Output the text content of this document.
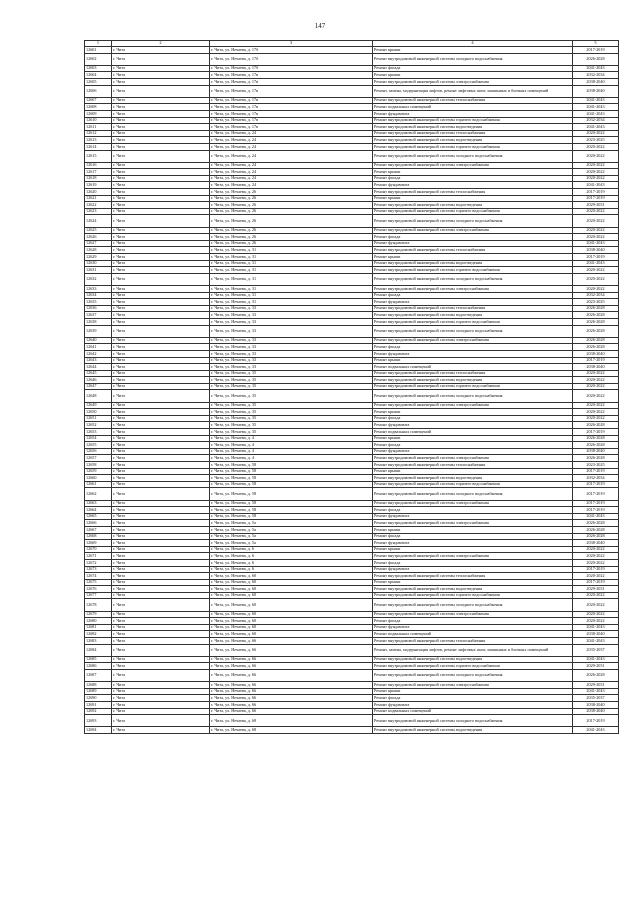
147
1	2	3	4	5
12601	г. Чита	г. Чита, ул. Нечаева, д. 17б	Ремонт крыши	2017-2019
12602	г. Чита	г. Чита, ул. Нечаева, д. 17б	Ремонт внутридомовой инженерной системы холодного водоснабжения	2026-2028
12603	г. Чита	г. Чита, ул. Нечаева, д. 17б	Ремонт фасада	2041-2043
12604	г. Чита	г. Чита, ул. Нечаева, д. 17в	Ремонт крыши	2032-2034
12605	г. Чита	г. Чита, ул. Нечаева, д. 17в	Ремонт внутридомовой инженерной системы электроснабжения	2038-2040
12606	г. Чита	г. Чита, ул. Нечаева, д. 17в	Ремонт, замена, модернизация лифтов, ремонт лифтовых шахт, машинных и блочных помещений	2038-2040
12607	г. Чита	г. Чита, ул. Нечаева, д. 17в	Ремонт внутридомовой инженерной системы теплоснабжения	2041-2043
12608	г. Чита	г. Чита, ул. Нечаева, д. 17в	Ремонт подвальных помещений	2041-2043
12609	г. Чита	г. Чита, ул. Нечаева, д. 17в	Ремонт фундамента	2041-2043
12610	г. Чита	г. Чита, ул. Нечаева, д. 17в	Ремонт внутридомовой инженерной системы горячего водоснабжения	2032-2034
12611	г. Чита	г. Чита, ул. Нечаева, д. 17в	Ремонт внутридомовой инженерной системы водоотведения	2041-2043
12612	г. Чита	г. Чита, ул. Нечаева, д. 24	Ремонт внутридомовой инженерной системы теплоснабжения	2020-2022
12613	г. Чита	г. Чита, ул. Нечаева, д. 24	Ремонт внутридомовой инженерной системы водоотведения	2023-2025
12614	г. Чита	г. Чита, ул. Нечаева, д. 24	Ремонт внутридомовой инженерной системы горячего водоснабжения	2020-2022
12615	г. Чита	г. Чита, ул. Нечаева, д. 24	Ремонт внутридомовой инженерной системы холодного водоснабжения	2020-2022
12616	г. Чита	г. Чита, ул. Нечаева, д. 24	Ремонт внутридомовой инженерной системы электроснабжения	2020-2022
12617	г. Чита	г. Чита, ул. Нечаева, д. 24	Ремонт крыши	2020-2022
12618	г. Чита	г. Чита, ул. Нечаева, д. 24	Ремонт фасада	2020-2022
12619	г. Чита	г. Чита, ул. Нечаева, д. 24	Ремонт фундамента	2041-2043
12620	г. Чита	г. Чита, ул. Нечаева, д. 26	Ремонт внутридомовой инженерной системы теплоснабжения	2017-2019
12621	г. Чита	г. Чита, ул. Нечаева, д. 26	Ремонт крыши	2017-2019
12622	г. Чита	г. Чита, ул. Нечаева, д. 26	Ремонт внутридомовой инженерной системы водоотведения	2029-2031
12623	г. Чита	г. Чита, ул. Нечаева, д. 26	Ремонт внутридомовой инженерной системы горячего водоснабжения	2020-2022
12624	г. Чита	г. Чита, ул. Нечаева, д. 26	Ремонт внутридомовой инженерной системы холодного водоснабжения	2020-2022
12625	г. Чита	г. Чита, ул. Нечаева, д. 26	Ремонт внутридомовой инженерной системы электроснабжения	2020-2022
12626	г. Чита	г. Чита, ул. Нечаева, д. 26	Ремонт фасада	2020-2022
12627	г. Чита	г. Чита, ул. Нечаева, д. 26	Ремонт фундамента	2041-2043
12628	г. Чита	г. Чита, ул. Нечаева, д. 31	Ремонт внутридомовой инженерной системы теплоснабжения	2038-2040
12629	г. Чита	г. Чита, ул. Нечаева, д. 31	Ремонт крыши	2017-2019
12630	г. Чита	г. Чита, ул. Нечаева, д. 31	Ремонт внутридомовой инженерной системы водоотведения	2041-2043
12631	г. Чита	г. Чита, ул. Нечаева, д. 31	Ремонт внутридомовой инженерной системы горячего водоснабжения	2020-2022
12632	г. Чита	г. Чита, ул. Нечаева, д. 31	Ремонт внутридомовой инженерной системы холодного водоснабжения	2020-2022
12633	г. Чита	г. Чита, ул. Нечаева, д. 31	Ремонт внутридомовой инженерной системы электроснабжения	2020-2022
12634	г. Чита	г. Чита, ул. Нечаева, д. 31	Ремонт фасада	2032-2034
12635	г. Чита	г. Чита, ул. Нечаева, д. 31	Ремонт фундамента	2023-2025
12636	г. Чита	г. Чита, ул. Нечаева, д. 33	Ремонт внутридомовой инженерной системы теплоснабжения	2026-2028
12637	г. Чита	г. Чита, ул. Нечаева, д. 33	Ремонт внутридомовой инженерной системы водоотведения	2026-2028
12638	г. Чита	г. Чита, ул. Нечаева, д. 33	Ремонт внутридомовой инженерной системы горячего водоснабжения	2026-2028
12639	г. Чита	г. Чита, ул. Нечаева, д. 33	Ремонт внутридомовой инженерной системы холодного водоснабжения	2026-2028
12640	г. Чита	г. Чита, ул. Нечаева, д. 33	Ремонт внутридомовой инженерной системы электроснабжения	2026-2028
12641	г. Чита	г. Чита, ул. Нечаева, д. 33	Ремонт фасада	2026-2028
12642	г. Чита	г. Чита, ул. Нечаева, д. 33	Ремонт фундамента	2038-2040
12643	г. Чита	г. Чита, ул. Нечаева, д. 33	Ремонт крыши	2017-2019
12644	г. Чита	г. Чита, ул. Нечаева, д. 33	Ремонт подвальных помещений	2038-2040
12645	г. Чита	г. Чита, ул. Нечаева, д. 35	Ремонт внутридомовой инженерной системы теплоснабжения	2020-2022
12646	г. Чита	г. Чита, ул. Нечаева, д. 35	Ремонт внутридомовой инженерной системы водоотведения	2020-2022
12647	г. Чита	г. Чита, ул. Нечаева, д. 35	Ремонт внутридомовой инженерной системы горячего водоснабжения	2020-2022
12648	г. Чита	г. Чита, ул. Нечаева, д. 35	Ремонт внутридомовой инженерной системы холодного водоснабжения	2020-2022
12649	г. Чита	г. Чита, ул. Нечаева, д. 35	Ремонт внутридомовой инженерной системы электроснабжения	2020-2022
12650	г. Чита	г. Чита, ул. Нечаева, д. 35	Ремонт крыши	2020-2022
12651	г. Чита	г. Чита, ул. Нечаева, д. 35	Ремонт фасада	2020-2022
12652	г. Чита	г. Чита, ул. Нечаева, д. 35	Ремонт фундамента	2026-2028
12653	г. Чита	г. Чита, ул. Нечаева, д. 35	Ремонт подвальных помещений	2017-2019
12654	г. Чита	г. Чита, ул. Нечаева, д. 4	Ремонт крыши	2026-2028
12655	г. Чита	г. Чита, ул. Нечаева, д. 4	Ремонт фасада	2026-2028
12656	г. Чита	г. Чита, ул. Нечаева, д. 4	Ремонт фундамента	2038-2040
12657	г. Чита	г. Чита, ул. Нечаева, д. 4	Ремонт внутридомовой инженерной системы электроснабжения	2026-2028
12658	г. Чита	г. Чита, ул. Нечаева, д. 58	Ремонт внутридомовой инженерной системы теплоснабжения	2023-2025
12659	г. Чита	г. Чита, ул. Нечаева, д. 58	Ремонт крыши	2017-2019
12660	г. Чита	г. Чита, ул. Нечаева, д. 58	Ремонт внутридомовой инженерной системы водоотведения	2032-2034
12661	г. Чита	г. Чита, ул. Нечаева, д. 58	Ремонт внутридомовой инженерной системы горячего водоснабжения	2017-2019
12662	г. Чита	г. Чита, ул. Нечаева, д. 58	Ремонт внутридомовой инженерной системы холодного водоснабжения	2017-2019
12663	г. Чита	г. Чита, ул. Нечаева, д. 58	Ремонт внутридомовой инженерной системы электроснабжения	2017-2019
12664	г. Чита	г. Чита, ул. Нечаева, д. 58	Ремонт фасада	2017-2019
12665	г. Чита	г. Чита, ул. Нечаева, д. 58	Ремонт фундамента	2041-2043
12666	г. Чита	г. Чита, ул. Нечаева, д. 5а	Ремонт внутридомовой инженерной системы электроснабжения	2026-2028
12667	г. Чита	г. Чита, ул. Нечаева, д. 5а	Ремонт крыши	2026-2028
12668	г. Чита	г. Чита, ул. Нечаева, д. 5а	Ремонт фасада	2026-2028
12669	г. Чита	г. Чита, ул. Нечаева, д. 5а	Ремонт фундамента	2038-2040
12670	г. Чита	г. Чита, ул. Нечаева, д. 6	Ремонт крыши	2020-2022
12671	г. Чита	г. Чита, ул. Нечаева, д. 6	Ремонт внутридомовой инженерной системы электроснабжения	2020-2022
12672	г. Чита	г. Чита, ул. Нечаева, д. 6	Ремонт фасада	2020-2022
12673	г. Чита	г. Чита, ул. Нечаева, д. 6	Ремонт фундамента	2017-2019
12674	г. Чита	г. Чита, ул. Нечаева, д. 60	Ремонт внутридомовой инженерной системы теплоснабжения	2020-2022
12675	г. Чита	г. Чита, ул. Нечаева, д. 60	Ремонт крыши	2017-2019
12676	г. Чита	г. Чита, ул. Нечаева, д. 60	Ремонт внутридомовой инженерной системы водоотведения	2029-2031
12677	г. Чита	г. Чита, ул. Нечаева, д. 60	Ремонт внутридомовой инженерной системы горячего водоснабжения	2020-2022
12678	г. Чита	г. Чита, ул. Нечаева, д. 60	Ремонт внутридомовой инженерной системы холодного водоснабжения	2020-2022
12679	г. Чита	г. Чита, ул. Нечаева, д. 60	Ремонт внутридомовой инженерной системы электроснабжения	2020-2022
12680	г. Чита	г. Чита, ул. Нечаева, д. 60	Ремонт фасада	2020-2022
12681	г. Чита	г. Чита, ул. Нечаева, д. 60	Ремонт фундамента	2041-2043
12682	г. Чита	г. Чита, ул. Нечаева, д. 60	Ремонт подвальных помещений	2038-2040
12683	г. Чита	г. Чита, ул. Нечаева, д. 66	Ремонт внутридомовой инженерной системы теплоснабжения	2041-2043
12684	г. Чита	г. Чита, ул. Нечаева, д. 66	Ремонт, замена, модернизация лифтов, ремонт лифтовых шахт, машинных и блочных помещений	2035-2037
12685	г. Чита	г. Чита, ул. Нечаева, д. 66	Ремонт внутридомовой инженерной системы водоотведения	2041-2043
12686	г. Чита	г. Чита, ул. Нечаева, д. 66	Ремонт внутридомовой инженерной системы горячего водоснабжения	2029-2031
12687	г. Чита	г. Чита, ул. Нечаева, д. 66	Ремонт внутридомовой инженерной системы холодного водоснабжения	2026-2028
12688	г. Чита	г. Чита, ул. Нечаева, д. 66	Ремонт внутридомовой инженерной системы электроснабжения	2029-2031
12689	г. Чита	г. Чита, ул. Нечаева, д. 66	Ремонт крыши	2041-2043
12690	г. Чита	г. Чита, ул. Нечаева, д. 66	Ремонт фасада	2035-2037
12691	г. Чита	г. Чита, ул. Нечаева, д. 66	Ремонт фундамента	2038-2040
12692	г. Чита	г. Чита, ул. Нечаева, д. 66	Ремонт подвальных помещений	2038-2040
12693	г. Чита	г. Чита, ул. Нечаева, д. 68	Ремонт внутридомовой инженерной системы холодного водоснабжения	2017-2019
12694	г. Чита	г. Чита, ул. Нечаева, д. 68	Ремонт внутридомовой инженерной системы водоотведения	2041-2043
